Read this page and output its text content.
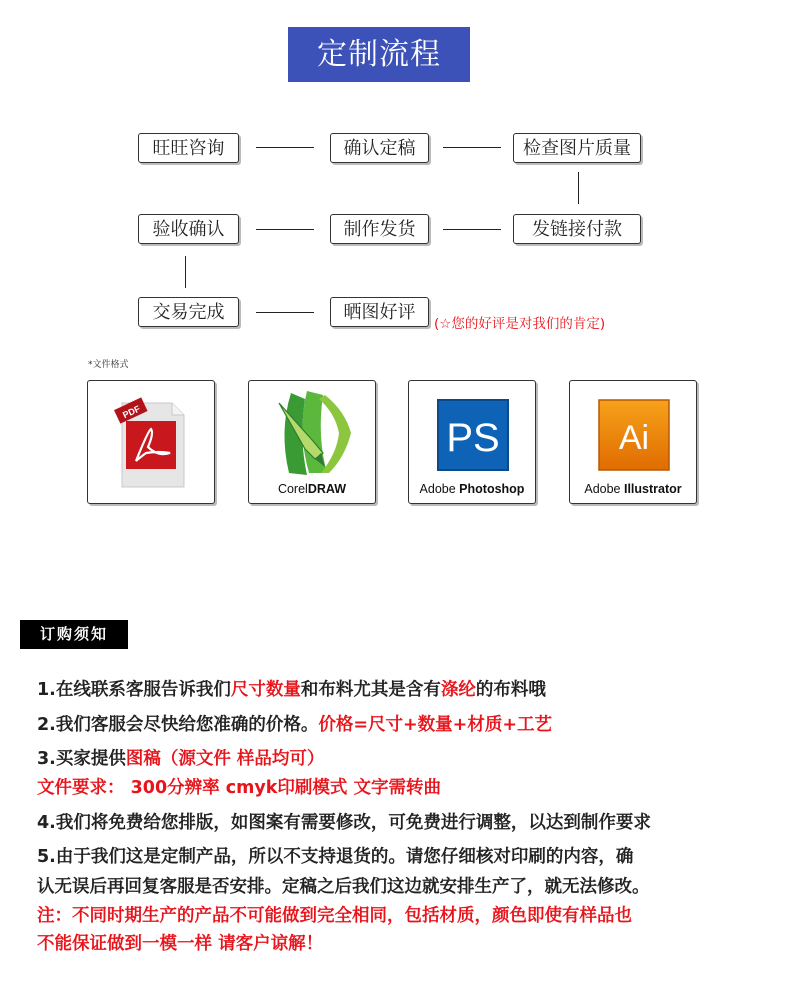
定制流程
旺旺咨询	确认定稿	检查图片质量
验收确认	制作发货	发链接付款
交易完成	晒图好评
(☆您的好评是对我们的肯定)
*文件格式
PDF
CorelDRAW
PS
Adobe Photoshop
Ai
Adobe Illustrator
订购须知
1.在线联系客服告诉我们尺寸数量和布料尤其是含有涤纶的布料哦
2.我们客服会尽快给您准确的价格。价格=尺寸+数量+材质+工艺
3.买家提供图稿（源文件 样品均可）
文件要求： 300分辨率 cmyk印刷模式 文字需转曲
4.我们将免费给您排版，如图案有需要修改，可免费进行调整，以达到制作要求
5.由于我们这是定制产品，所以不支持退货的。请您仔细核对印刷的内容，确
认无误后再回复客服是否安排。定稿之后我们这边就安排生产了，就无法修改。
注：不同时期生产的产品不可能做到完全相同，包括材质，颜色即使有样品也
不能保证做到一模一样 请客户谅解！
